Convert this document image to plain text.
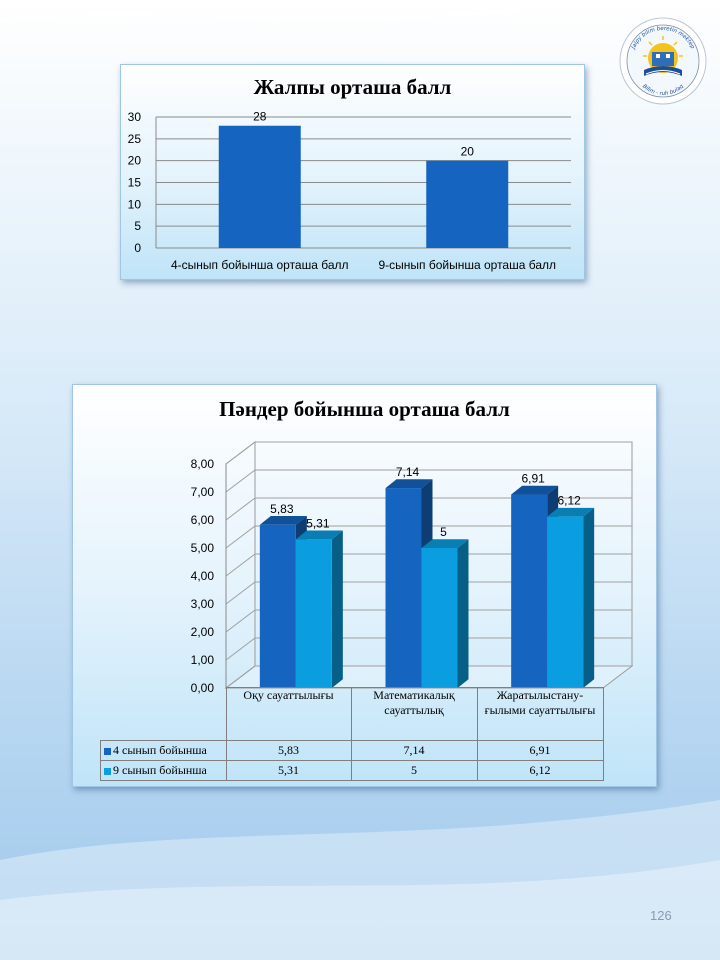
Jalpy bilim beretin mektep
Bilim - ruh bulaq
Жалпы орташа балл
0
5
10
15
20
25
30	28
4-сынып бойынша орташа балл
20
9-сынып бойынша орташа балл
Пәндер бойынша орташа балл
0,00
1,00
2,00
3,00
4,00
5,00
6,00
7,00
8,00
5,83
5,31
7,14
5
6,91
6,12
	Оқу сауаттылығы	Математикалық сауаттылық	Жаратылыстану-ғылыми сауаттылығы
4 сынып бойынша	5,83	7,14	6,91
9 сынып бойынша	5,31	5	6,12
126
